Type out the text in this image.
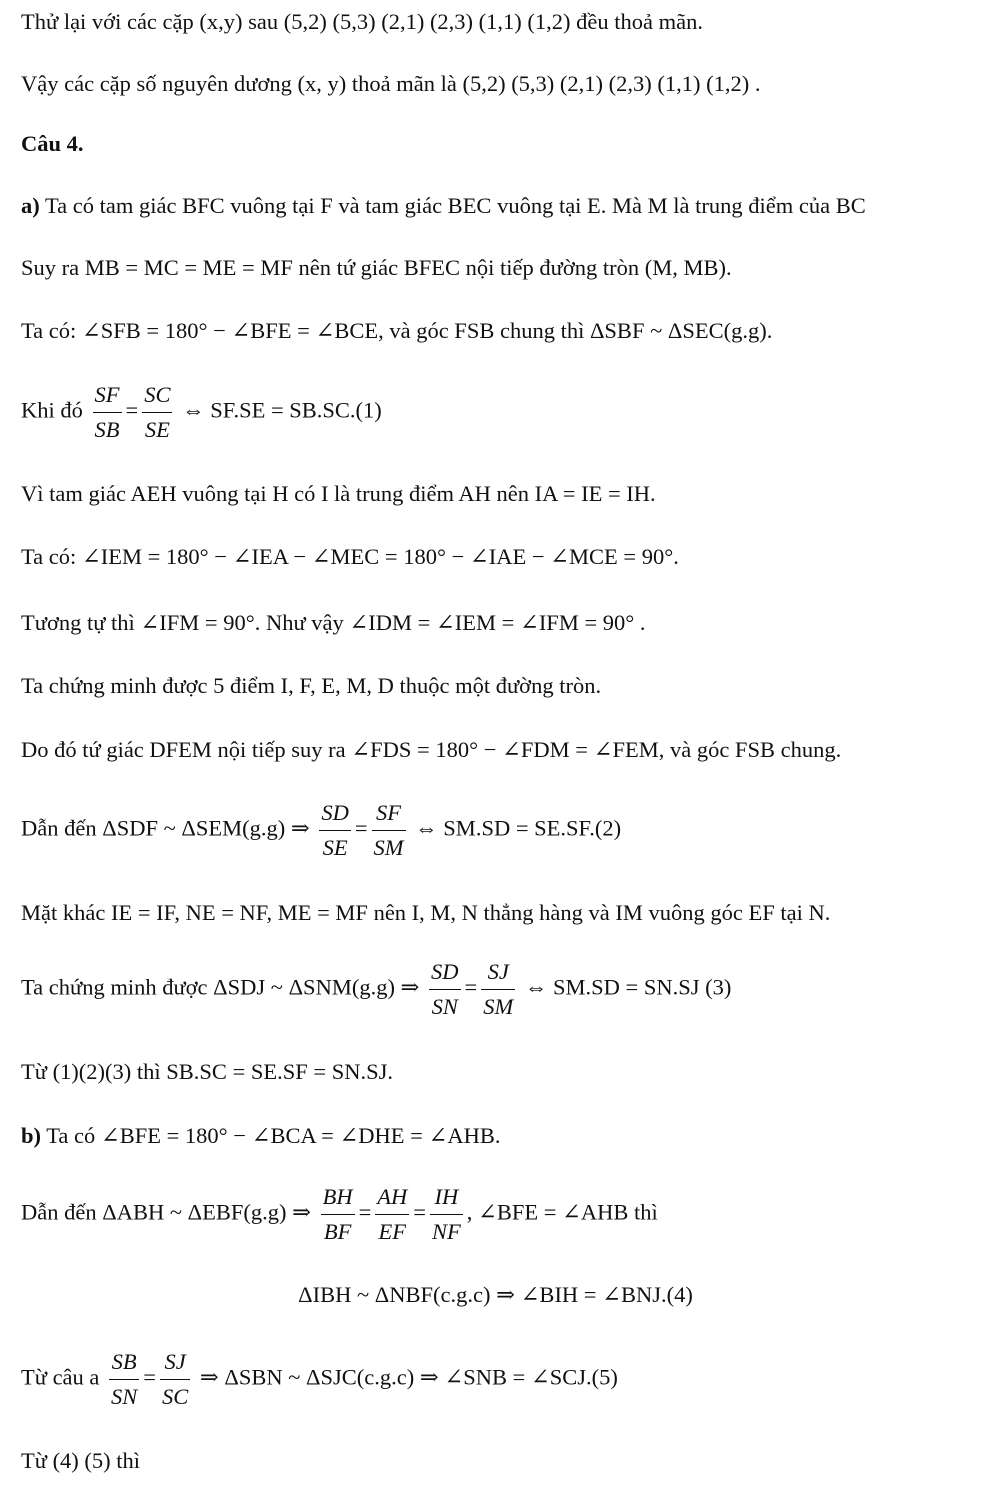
Thử lại với các cặp (x,y) sau (5,2) (5,3) (2,1) (2,3) (1,1) (1,2) đều thoả mãn.
Vậy các cặp số nguyên dương (x, y) thoả mãn là (5,2) (5,3) (2,1) (2,3) (1,1) (1,2) .
Câu 4.
a) Ta có tam giác BFC vuông tại F và tam giác BEC vuông tại E. Mà M là trung điểm của BC
Suy ra MB = MC = ME = MF nên tứ giác BFEC nội tiếp đường tròn (M, MB).
Ta có: ∠SFB = 180° − ∠BFE = ∠BCE, và góc FSB chung thì ΔSBF ~ ΔSEC(g.g).
Khi đó $\frac{SF}{SB} = \frac{SC}{SE}$ ⇔ SF.SE = SB.SC.(1)
Vì tam giác AEH vuông tại H có I là trung điểm AH nên IA = IE = IH.
Ta có: ∠IEM = 180° − ∠IEA − ∠MEC = 180° − ∠IAE − ∠MCE = 90°.
Tương tự thì ∠IFM = 90°. Như vậy ∠IDM = ∠IEM = ∠IFM = 90° .
Ta chứng minh được 5 điểm I, F, E, M, D thuộc một đường tròn.
Do đó tứ giác DFEM nội tiếp suy ra ∠FDS = 180° − ∠FDM = ∠FEM, và góc FSB chung.
Dẫn đến ΔSDF ~ ΔSEM(g.g) ⇒ $\frac{SD}{SE} = \frac{SF}{SM}$ ⇔ SM.SD = SE.SF.(2)
Mặt khác IE = IF, NE = NF, ME = MF nên I, M, N thẳng hàng và IM vuông góc EF tại N.
Ta chứng minh được ΔSDJ ~ ΔSNM(g.g) ⇒ $\frac{SD}{SN} = \frac{SJ}{SM}$ ⇔ SM.SD = SN.SJ (3)
Từ (1)(2)(3) thì SB.SC = SE.SF = SN.SJ.
b) Ta có ∠BFE = 180° − ∠BCA = ∠DHE = ∠AHB.
Dẫn đến ΔABH ~ ΔEBF(g.g) ⇒ $\frac{BH}{BF} = \frac{AH}{EF} = \frac{IH}{NF}$ , ∠BFE = ∠AHB thì
ΔIBH ~ ΔNBF(c.g.c) ⇒ ∠BIH = ∠BNJ.(4)
Từ câu a $\frac{SB}{SN} = \frac{SJ}{SC}$ ⇒ ΔSBN ~ ΔSJC(c.g.c) ⇒ ∠SNB = ∠SCJ.(5)
Từ (4) (5) thì
